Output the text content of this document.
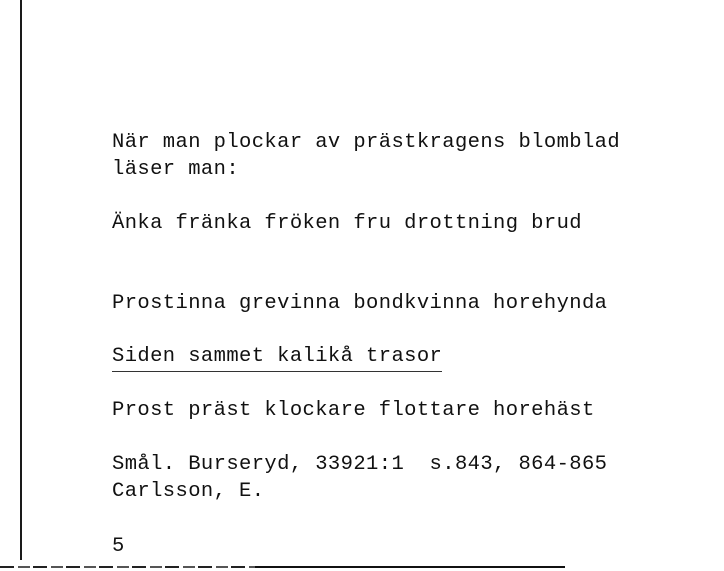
När man plockar av prästkragens blomblad
läser man:
Änka fränka fröken fru drottning brud
Prostinna grevinna bondkvinna horehynda
Siden sammet kalikå trasor
Prost präst klockare flottare horehäst
Smål. Burseryd, 33921:1  s.843, 864-865
Carlsson, E.
5
